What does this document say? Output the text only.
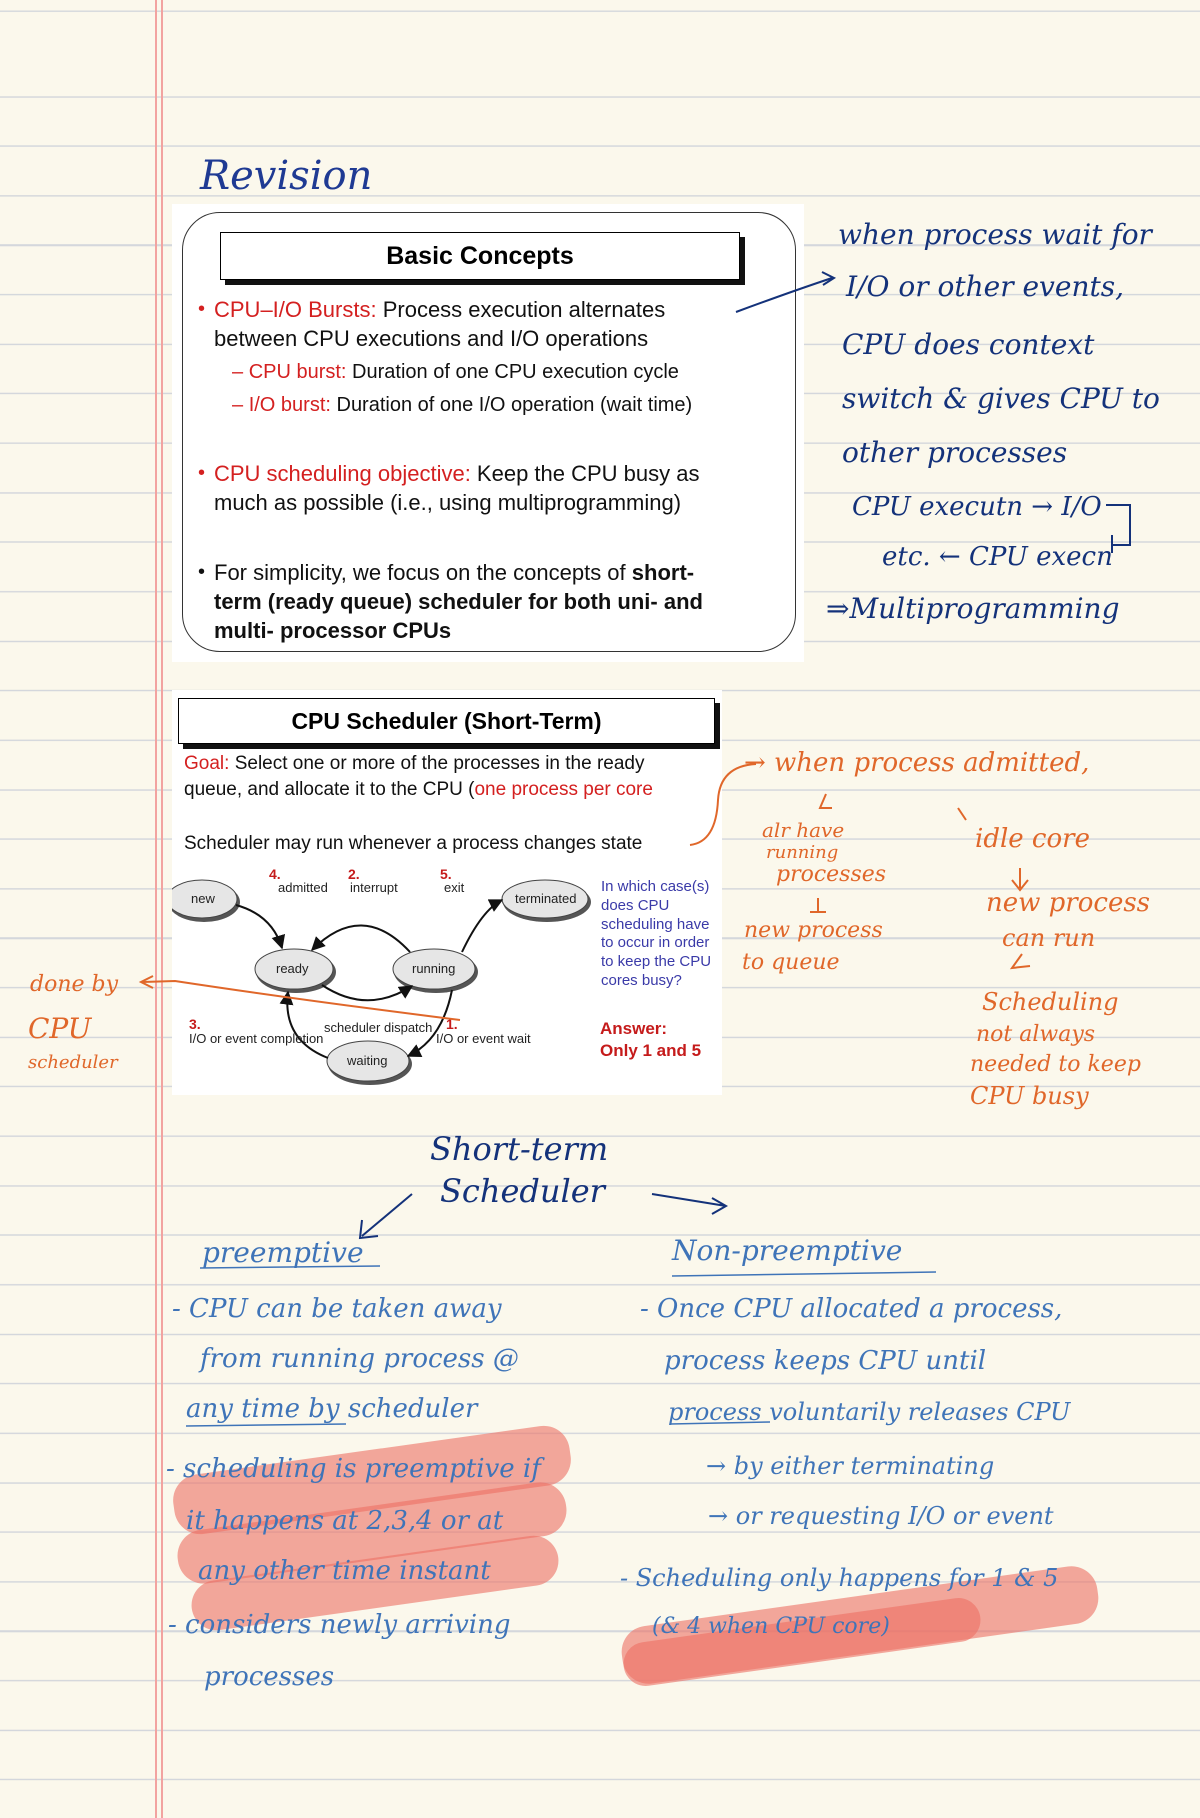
Revision
Basic Concepts
• CPU–I/O Bursts: Process execution alternates
between CPU executions and I/O operations
– CPU burst: Duration of one CPU execution cycle
– I/O burst: Duration of one I/O operation (wait time)
• CPU scheduling objective: Keep the CPU busy as
much as possible (i.e., using multiprogramming)
• For simplicity, we focus on the concepts of short-
term (ready queue) scheduler for both uni- and
multi- processor CPUs
when process wait for
I/O or other events,
CPU does context
switch & gives CPU to
other processes
CPU executn → I/O
etc. ← CPU execn
⇒Multiprogramming
CPU Scheduler (Short-Term)
Goal: Select one or more of the processes in the ready
queue, and allocate it to the CPU (one process per core
Scheduler may run whenever a process changes state
new
ready	running
waiting
terminated
4.
admitted
2.
interrupt
5.
exit
3.
I/O or event completion
scheduler dispatch 1.
I/O or event wait
In which case(s)
does CPU
scheduling have
to occur in order
to keep the CPU
cores busy?
Answer:
Only 1 and 5
→ when process admitted,
alr have
running
processes
new process
to queue
idle core
new process
can run
Scheduling
not always
needed to keep
CPU busy
done by
CPU
scheduler
Short-term
Scheduler
preemptive
- CPU can be taken away
from running process @
any time by scheduler
- scheduling is preemptive if
it happens at 2,3,4 or at
any other time instant
- considers newly arriving
processes
Non-preemptive
- Once CPU allocated a process,
process keeps CPU until
process voluntarily releases CPU
→ by either terminating
→ or requesting I/O or event
- Scheduling only happens for 1 & 5
(& 4 when CPU core)
